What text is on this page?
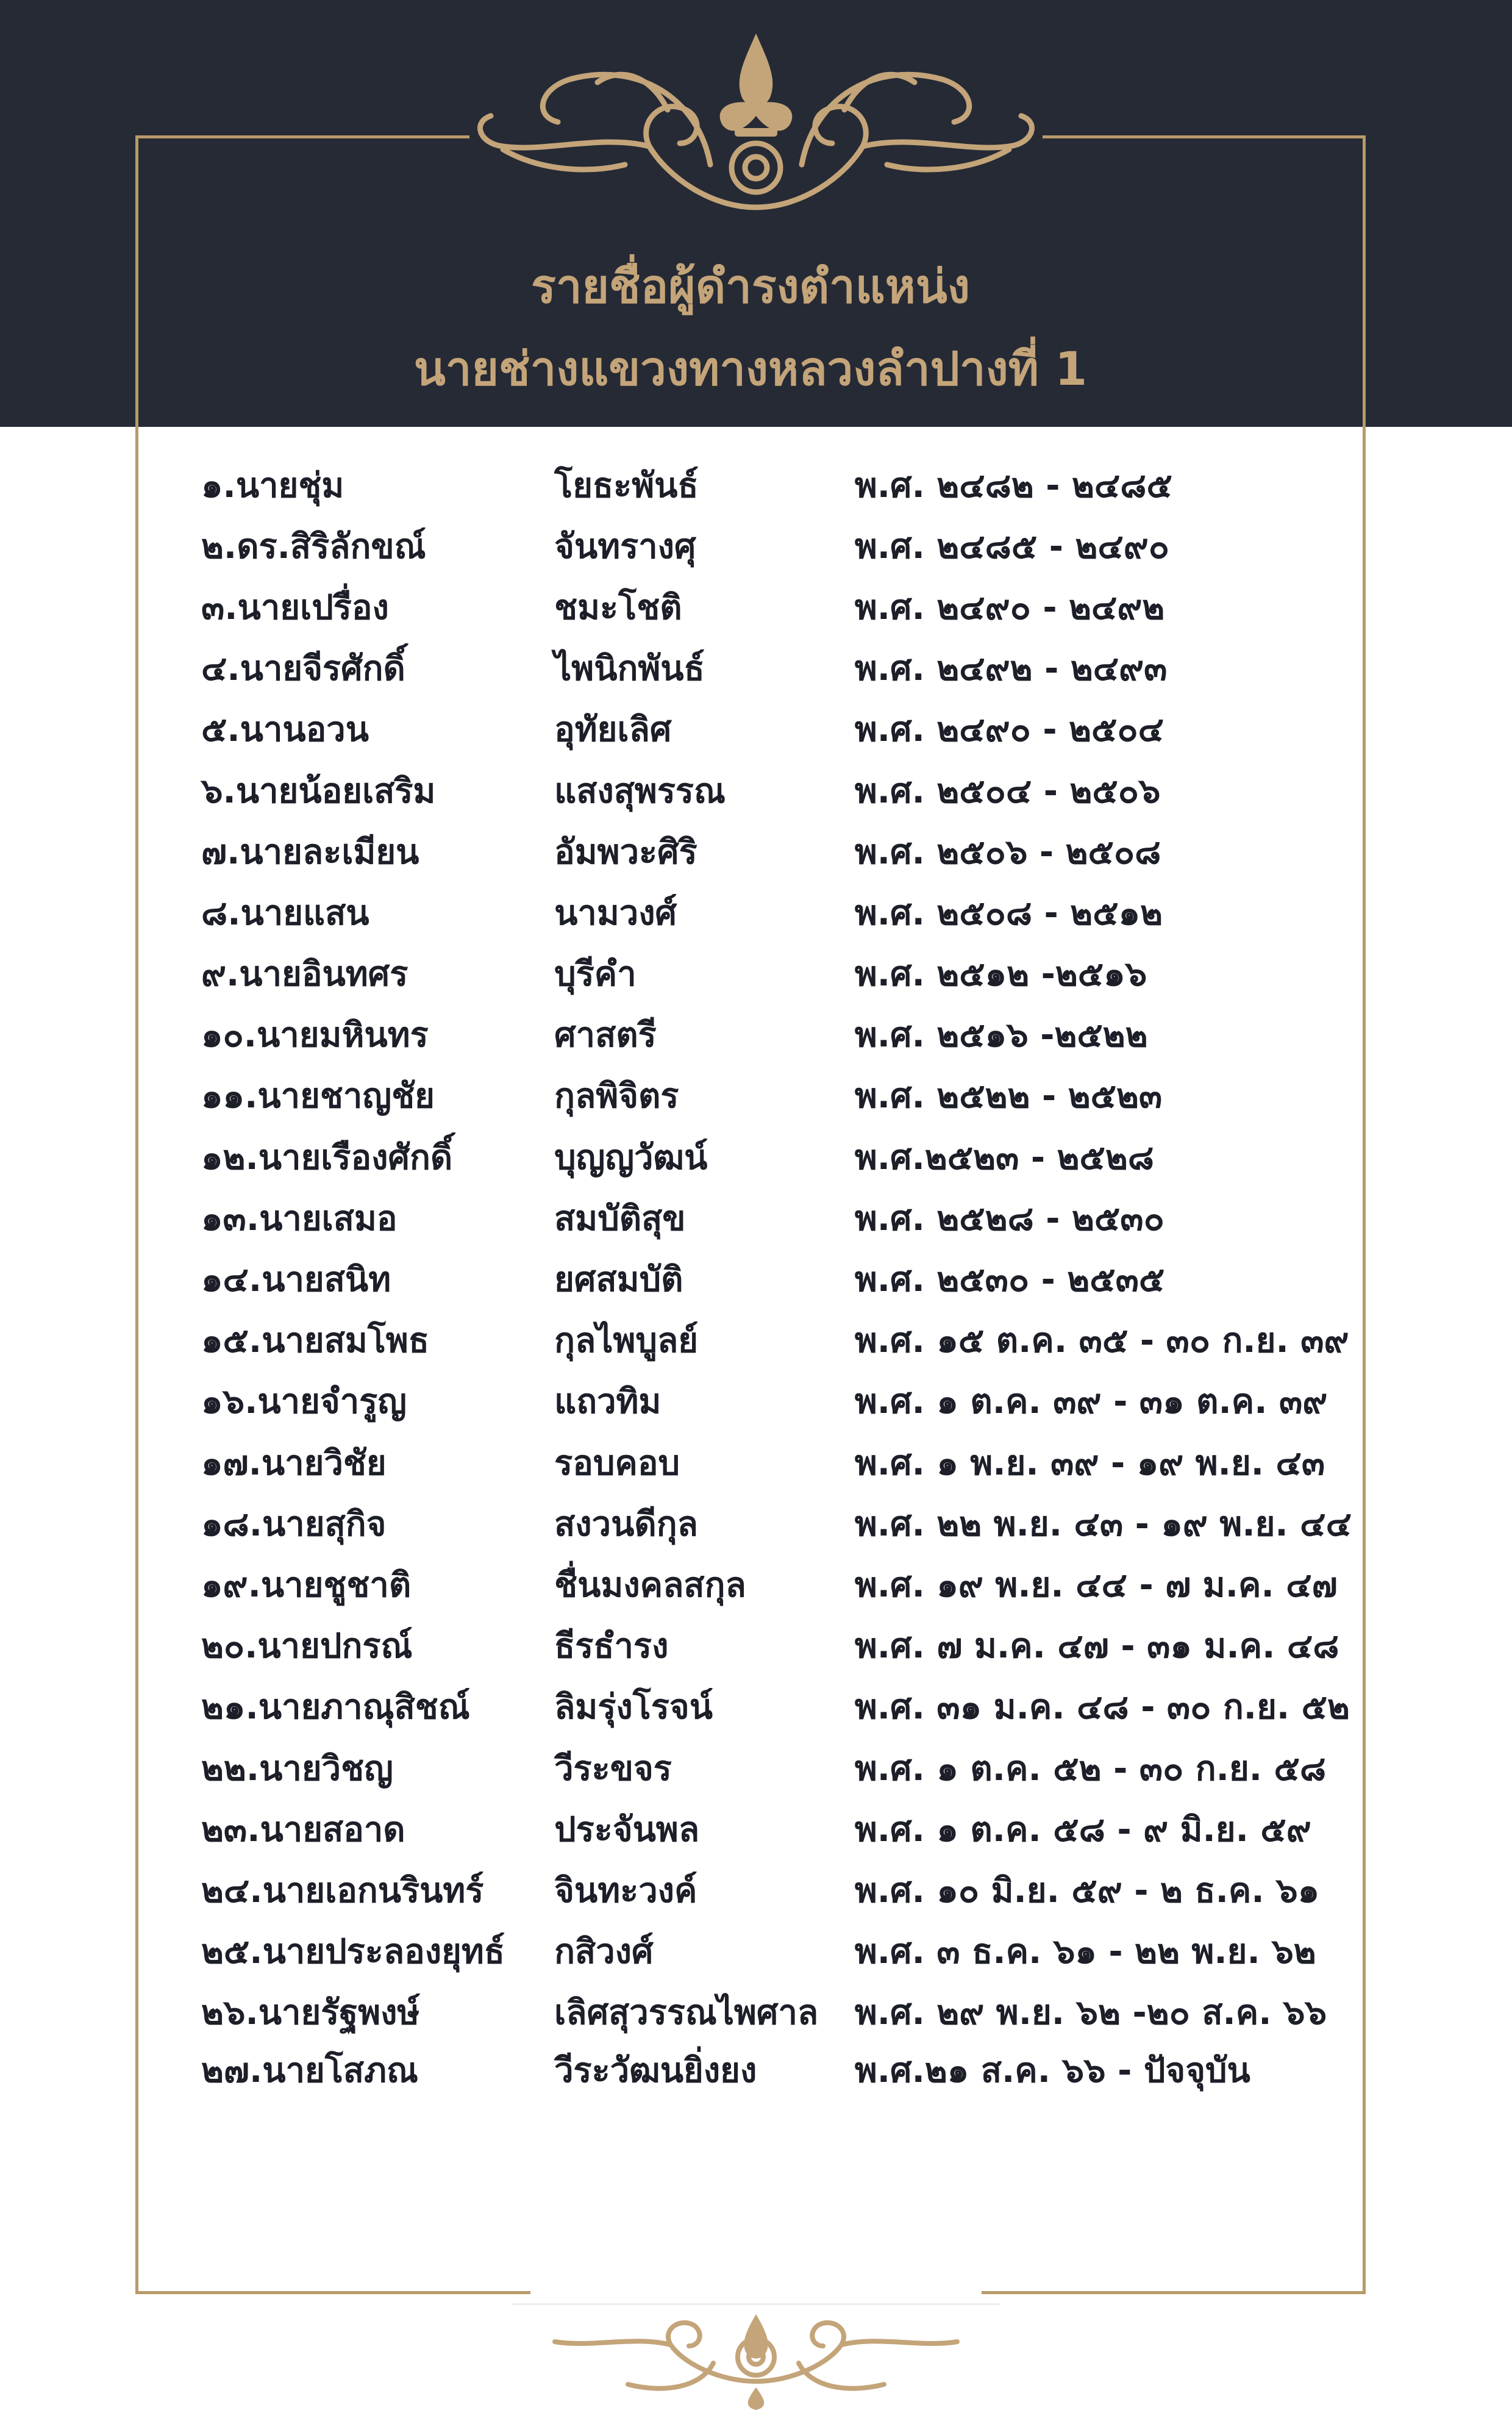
รายชื่อผู้ดำรงตำแหน่ง
นายช่างแขวงทางหลวงลำปางที่ 1
๑.นายชุ่ม	โยธะพันธ์	พ.ศ. ๒๔๘๒ - ๒๔๘๕
๒.ดร.สิริลักขณ์	จันทรางศุ	พ.ศ. ๒๔๘๕ - ๒๔๙๐
๓.นายเปรื่อง	ชมะโชติ	พ.ศ. ๒๔๙๐ - ๒๔๙๒
๔.นายจีรศักดิ์	ไพนิกพันธ์	พ.ศ. ๒๔๙๒ - ๒๔๙๓
๕.นานอวน	อุทัยเลิศ	พ.ศ. ๒๔๙๐ - ๒๕๐๔
๖.นายน้อยเสริม	แสงสุพรรณ	พ.ศ. ๒๕๐๔ - ๒๕๐๖
๗.นายละเมียน	อัมพวะศิริ	พ.ศ. ๒๕๐๖ - ๒๕๐๘
๘.นายแสน	นามวงศ์	พ.ศ. ๒๕๐๘ - ๒๕๑๒
๙.นายอินทศร	บุรีคำ	พ.ศ. ๒๕๑๒ -๒๕๑๖
๑๐.นายมหินทร	ศาสตรี	พ.ศ. ๒๕๑๖ -๒๕๒๒
๑๑.นายชาญชัย	กุลพิจิตร	พ.ศ. ๒๕๒๒ - ๒๕๒๓
๑๒.นายเรืองศักดิ์	บุญญวัฒน์	พ.ศ.๒๕๒๓ - ๒๕๒๘
๑๓.นายเสมอ	สมบัติสุข	พ.ศ. ๒๕๒๘ - ๒๕๓๐
๑๔.นายสนิท	ยศสมบัติ	พ.ศ. ๒๕๓๐ - ๒๕๓๕
๑๕.นายสมโพธ	กุลไพบูลย์	พ.ศ. ๑๕ ต.ค. ๓๕ - ๓๐ ก.ย. ๓๙
๑๖.นายจำรูญ	แถวทิม	พ.ศ. ๑ ต.ค. ๓๙ - ๓๑ ต.ค. ๓๙
๑๗.นายวิชัย	รอบคอบ	พ.ศ. ๑ พ.ย. ๓๙ - ๑๙ พ.ย. ๔๓
๑๘.นายสุกิจ	สงวนดีกุล	พ.ศ. ๒๒ พ.ย. ๔๓ - ๑๙ พ.ย. ๔๔
๑๙.นายชูชาติ	ชื่นมงคลสกุล	พ.ศ. ๑๙ พ.ย. ๔๔ - ๗ ม.ค. ๔๗
๒๐.นายปกรณ์	ธีรธำรง	พ.ศ. ๗ ม.ค. ๔๗ - ๓๑ ม.ค. ๔๘
๒๑.นายภาณุสิชณ์	ลิมรุ่งโรจน์	พ.ศ. ๓๑ ม.ค. ๔๘ - ๓๐ ก.ย. ๕๒
๒๒.นายวิชญ	วีระขจร	พ.ศ. ๑ ต.ค. ๕๒ - ๓๐ ก.ย. ๕๘
๒๓.นายสอาด	ประจันพล	พ.ศ. ๑ ต.ค. ๕๘ - ๙ มิ.ย. ๕๙
๒๔.นายเอกนรินทร์	จินทะวงค์	พ.ศ. ๑๐ มิ.ย. ๕๙ - ๒ ธ.ค. ๖๑
๒๕.นายประลองยุทธ์	กสิวงศ์	พ.ศ. ๓ ธ.ค. ๖๑ - ๒๒ พ.ย. ๖๒
๒๖.นายรัฐพงษ์	เลิศสุวรรณไพศาล	พ.ศ. ๒๙ พ.ย. ๖๒ -๒๐ ส.ค. ๖๖
๒๗.นายโสภณ	วีระวัฒนยิ่งยง	พ.ศ.๒๑ ส.ค. ๖๖ - ปัจจุบัน
